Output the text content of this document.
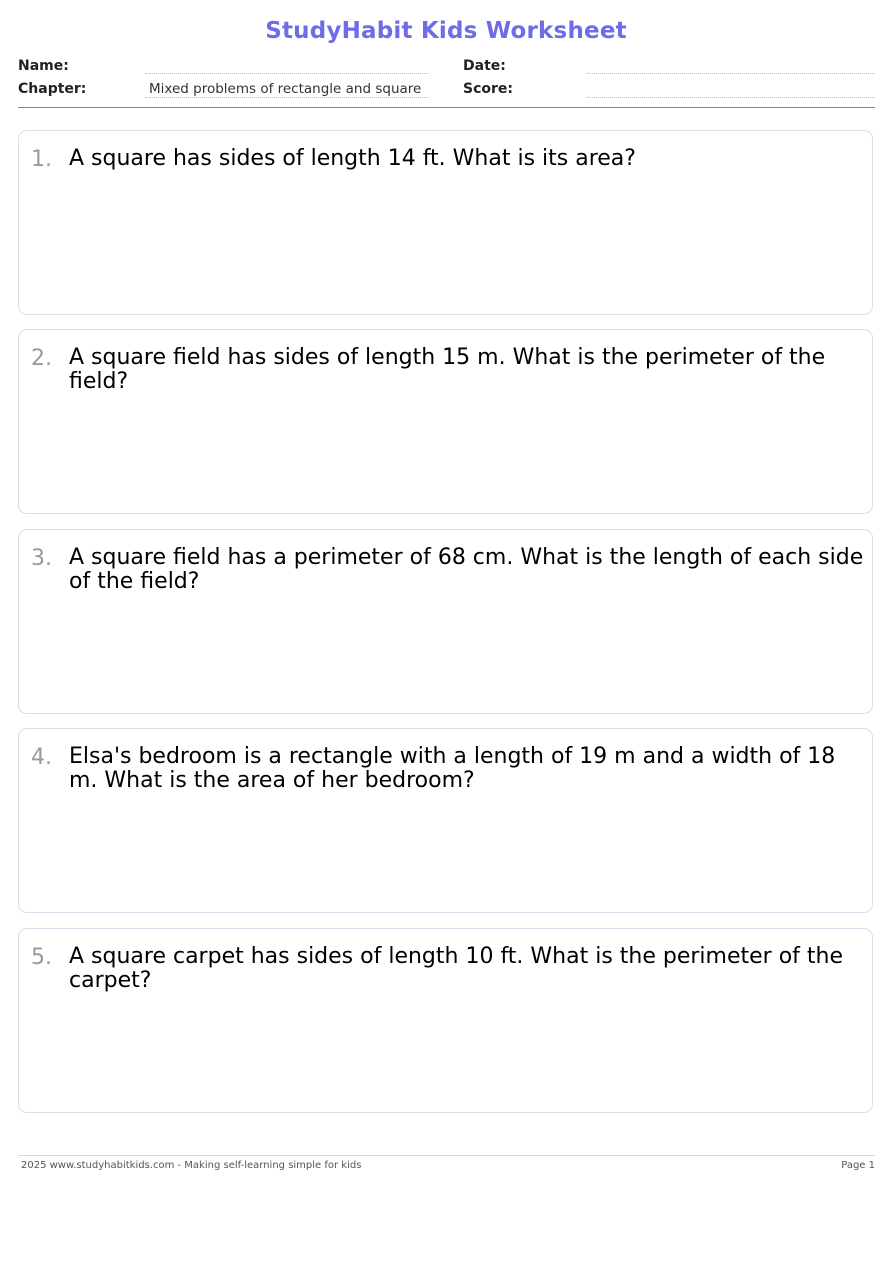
StudyHabit Kids Worksheet
Name:
Chapter:	Mixed problems of rectangle and square
Date:
Score:
1. A square has sides of length 14 ft. What is its area?
2. A square field has sides of length 15 m. What is the perimeter of the field?
3. A square field has a perimeter of 68 cm. What is the length of each side of the field?
4. Elsa's bedroom is a rectangle with a length of 19 m and a width of 18 m. What is the area of her bedroom?
5. A square carpet has sides of length 10 ft. What is the perimeter of the carpet?
2025 www.studyhabitkids.com - Making self-learning simple for kids	Page 1
